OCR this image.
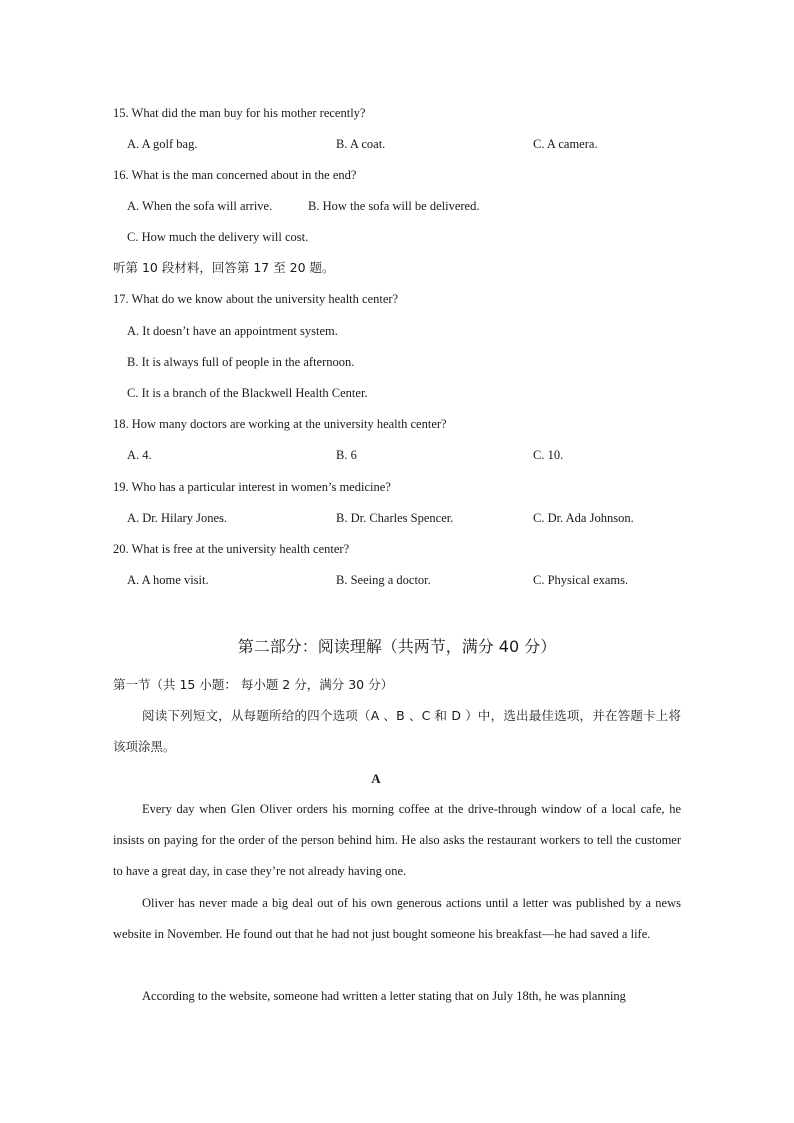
15. What did the man buy for his mother recently?
A. A golf bag.	B. A coat.	C. A camera.
16. What is the man concerned about in the end?
A. When the sofa will arrive.	B. How the sofa will be delivered.
C. How much the delivery will cost.
听第 10 段材料，回答第 17 至 20 题。
17. What do we know about the university health center?
A. It doesn’t have an appointment system.
B. It is always full of people in the afternoon.
C. It is a branch of the Blackwell Health Center.
18. How many doctors are working at the university health center?
A. 4.	B. 6	C. 10.
19. Who has a particular interest in women’s medicine?
A. Dr. Hilary Jones.	B. Dr. Charles Spencer.	C. Dr. Ada Johnson.
20. What is free at the university health center?
A. A home visit.	B. Seeing a doctor.	C. Physical exams.
第二部分：阅读理解（共两节，满分 40 分）
第一节（共 15 小题： 每小题 2 分，满分 30 分）
阅读下列短文，从每题所给的四个选项（A 、B 、C 和 D ）中，选出最佳选项，并在答题卡上将该项涂黑。
A
Every day when Glen Oliver orders his morning coffee at the drive-through window of a local cafe, he insists on paying for the order of the person behind him. He also asks the restaurant workers to tell the customer to have a great day, in case they’re not already having one.
Oliver has never made a big deal out of his own generous actions until a letter was published by a news website in November. He found out that he had not just bought someone his breakfast—he had saved a life.
According to the website, someone had written a letter stating that on July 18th, he was planning
